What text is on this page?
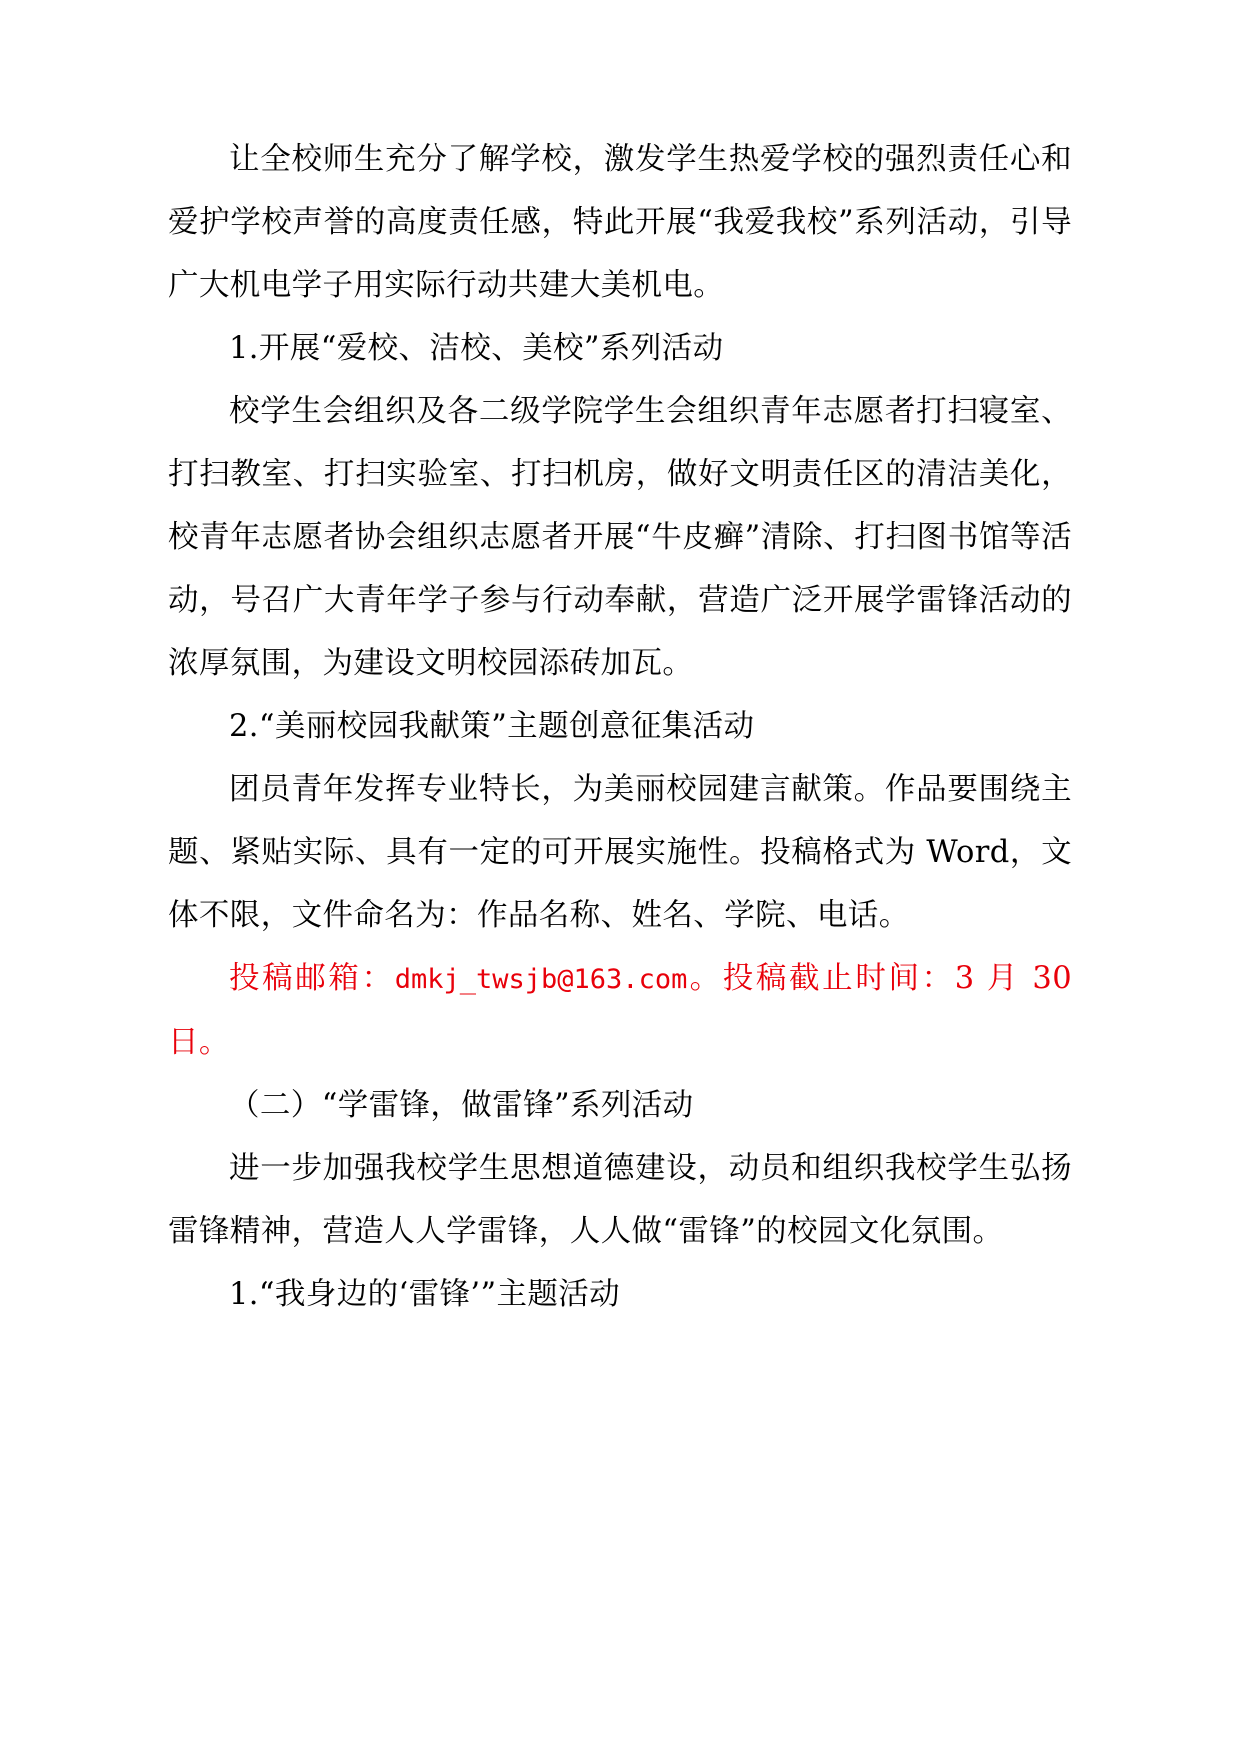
让全校师生充分了解学校，激发学生热爱学校的强烈责任心和爱护学校声誉的高度责任感，特此开展“我爱我校”系列活动，引导广大机电学子用实际行动共建大美机电。

1.开展“爱校、洁校、美校”系列活动

校学生会组织及各二级学院学生会组织青年志愿者打扫寝室、打扫教室、打扫实验室、打扫机房，做好文明责任区的清洁美化，校青年志愿者协会组织志愿者开展“牛皮癣”清除、打扫图书馆等活动，号召广大青年学子参与行动奉献，营造广泛开展学雷锋活动的浓厚氛围，为建设文明校园添砖加瓦。

2.“美丽校园我献策”主题创意征集活动

团员青年发挥专业特长，为美丽校园建言献策。作品要围绕主题、紧贴实际、具有一定的可开展实施性。投稿格式为 Word，文体不限，文件命名为：作品名称、姓名、学院、电话。

投稿邮箱：dmkj_twsjb@163.com。投稿截止时间：3 月 30 日。

（二）“学雷锋，做雷锋”系列活动

进一步加强我校学生思想道德建设，动员和组织我校学生弘扬雷锋精神，营造人人学雷锋，人人做“雷锋”的校园文化氛围。

1.“我身边的‘雷锋’”主题活动
